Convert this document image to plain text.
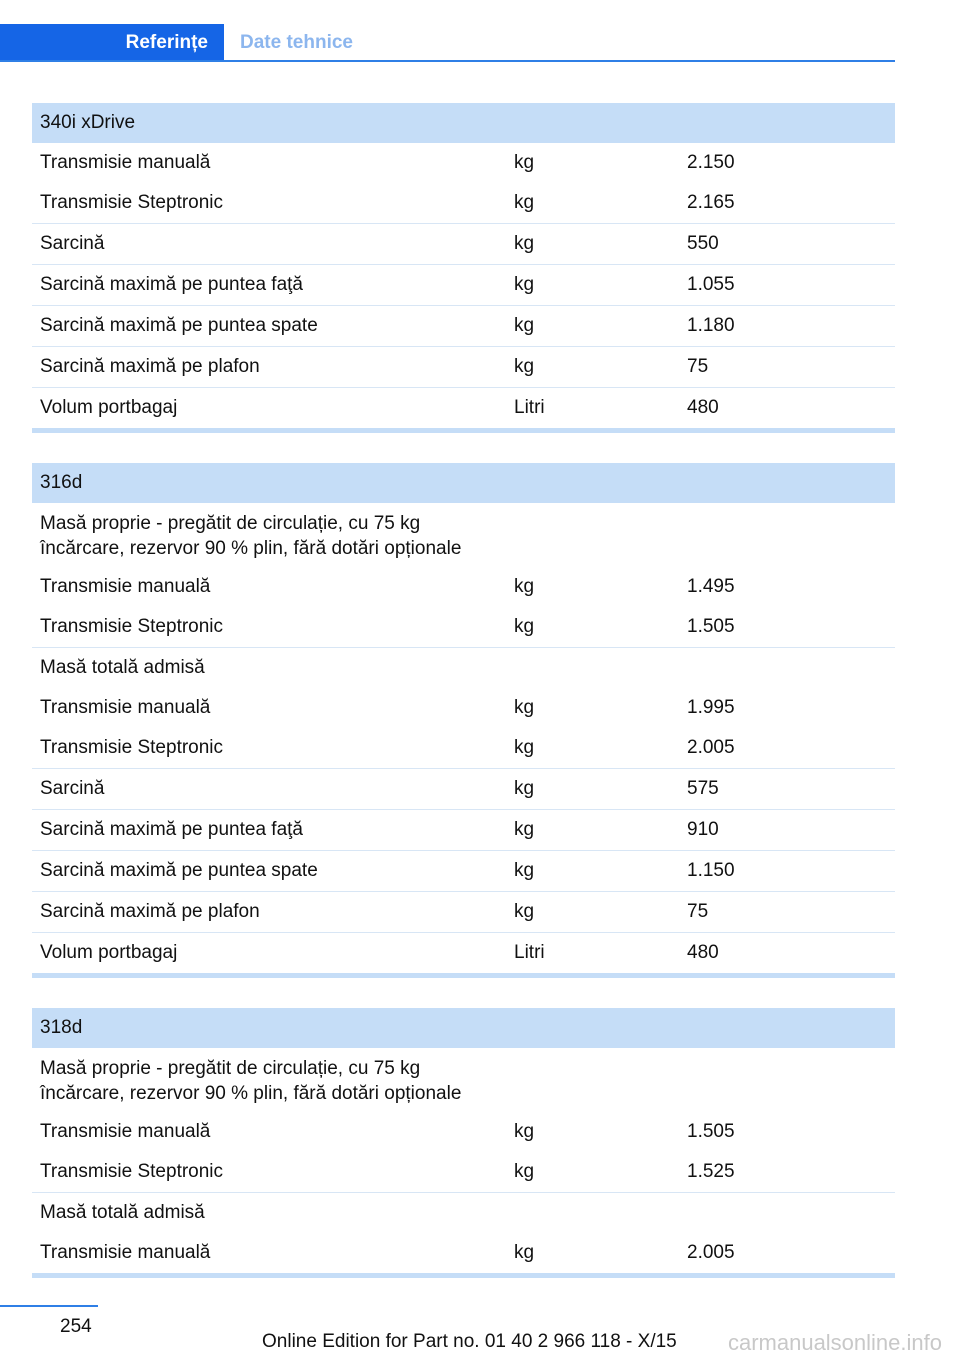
Referințe	Date tehnice
340i xDrive
Transmisie manuală	kg	2.150
Transmisie Steptronic	kg	2.165
Sarcină	kg	550
Sarcină maximă pe puntea faţă	kg	1.055
Sarcină maximă pe puntea spate	kg	1.180
Sarcină maximă pe plafon	kg	75
Volum portbagaj	Litri	480
316d
Masă proprie - pregătit de circulație, cu 75 kg
încărcare, rezervor 90 % plin, fără dotări opționale
Transmisie manuală	kg	1.495
Transmisie Steptronic	kg	1.505
Masă totală admisă
Transmisie manuală	kg	1.995
Transmisie Steptronic	kg	2.005
Sarcină	kg	575
Sarcină maximă pe puntea faţă	kg	910
Sarcină maximă pe puntea spate	kg	1.150
Sarcină maximă pe plafon	kg	75
Volum portbagaj	Litri	480
318d
Masă proprie - pregătit de circulație, cu 75 kg
încărcare, rezervor 90 % plin, fără dotări opționale
Transmisie manuală	kg	1.505
Transmisie Steptronic	kg	1.525
Masă totală admisă
Transmisie manuală	kg	2.005
254
Online Edition for Part no. 01 40 2 966 118 - X/15 carmanualsonline.info
